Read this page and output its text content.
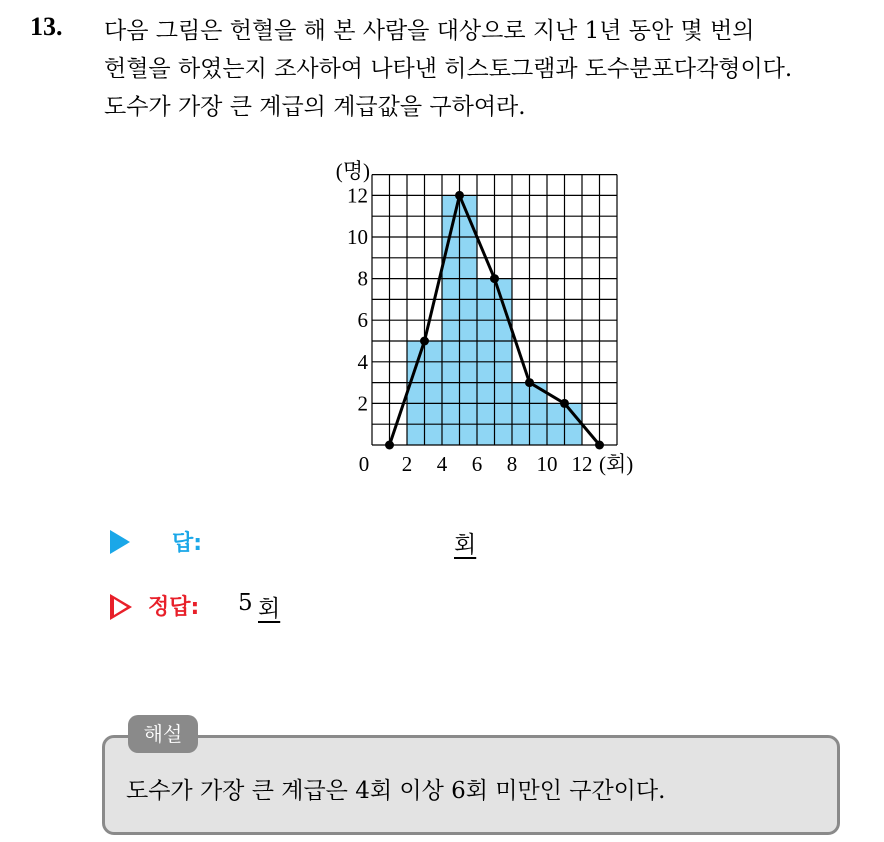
13. 다음 그림은 헌혈을 해 본 사람을 대상으로 지난 1년 동안 몇 번의
헌혈을 하였는지 조사하여 나타낸 히스토그램과 도수분포다각형이다.
도수가 가장 큰 계급의 계급값을 구하여라.
0 2 4 6 8 10 12
2
4
6
8
10
12
(명)
(회)
답:	회
정답: 5 회
해설
도수가 가장 큰 계급은 4회 이상 6회 미만인 구간이다.
